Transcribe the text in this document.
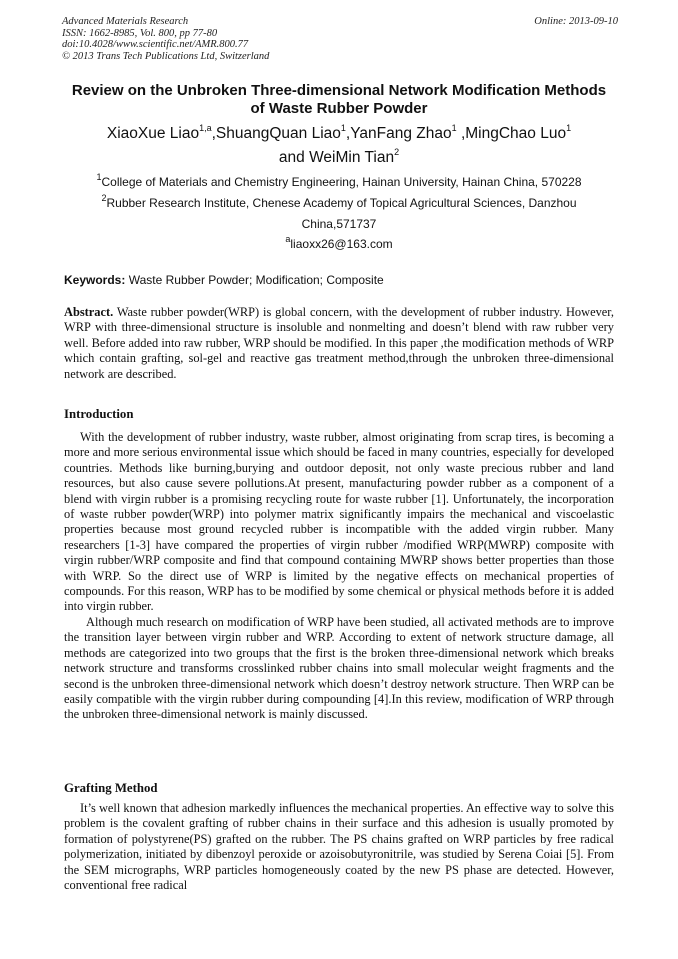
Advanced Materials Research
ISSN: 1662-8985, Vol. 800, pp 77-80
doi:10.4028/www.scientific.net/AMR.800.77
© 2013 Trans Tech Publications Ltd, Switzerland
Online: 2013-09-10
Review on the Unbroken Three-dimensional Network Modification Methods of Waste Rubber Powder
XiaoXue Liao$^{1,a}$,ShuangQuan Liao$^1$,YanFang Zhao$^1$ ,MingChao Luo$^1$
and WeiMin Tian$^2$
$^1$College of Materials and Chemistry Engineering, Hainan University, Hainan China, 570228
$^2$Rubber Research Institute, Chenese Academy of Topical Agricultural Sciences, Danzhou China,571737
$^a$liaoxx26@163.com
Keywords: Waste Rubber Powder; Modification; Composite
Abstract. Waste rubber powder(WRP) is global concern, with the development of rubber industry. However, WRP with three-dimensional structure is insoluble and nonmelting and doesn’t blend with raw rubber very well. Before added into raw rubber, WRP should be modified. In this paper ,the modification methods of WRP which contain grafting, sol-gel and reactive gas treatment method,through the unbroken three-dimensional network are described.
Introduction

With the development of rubber industry, waste rubber, almost originating from scrap tires, is becoming a more and more serious environmental issue which should be faced in many countries, especially for developed countries. Methods like burning,burying and outdoor deposit, not only waste precious rubber and land resources, but also cause severe pollutions.At present, manufacturing powder rubber as a component of a blend with virgin rubber is a promising recycling route for waste rubber [1]. Unfortunately, the incorporation of waste rubber powder(WRP) into polymer matrix significantly impairs the mechanical and viscoelastic properties because most ground recycled rubber is incompatible with the added virgin rubber. Many researchers [1-3] have compared the properties of virgin rubber /modified WRP(MWRP) composite with virgin rubber/WRP composite and find that compound containing MWRP shows better properties than those with WRP. So the direct use of WRP is limited by the negative effects on mechanical properties of compounds. For this reason, WRP has to be modified by some chemical or physical methods before it is added into virgin rubber.

Although much research on modification of WRP have been studied, all activated methods are to improve the transition layer between virgin rubber and WRP. According to extent of network structure damage, all methods are categorized into two groups that the first is the broken three-dimensional network which breaks network structure and transforms crosslinked rubber chains into small molecular weight fragments and the second is the unbroken three-dimensional network which doesn’t destroy network structure. Then WRP can be easily compatible with the virgin rubber during compounding [4].In this review, modification of WRP through the unbroken three-dimensional network is mainly discussed.

Grafting Method

It’s well known that adhesion markedly influences the mechanical properties. An effective way to solve this problem is the covalent grafting of rubber chains in their surface and this adhesion is usually promoted by formation of polystyrene(PS) grafted on the rubber. The PS chains grafted on WRP particles by free radical polymerization, initiated by dibenzoyl peroxide or azoisobutyronitrile, was studied by Serena Coiai [5]. From the SEM micrographs, WRP particles homogeneously coated by the new PS phase are detected. However, conventional free radical
